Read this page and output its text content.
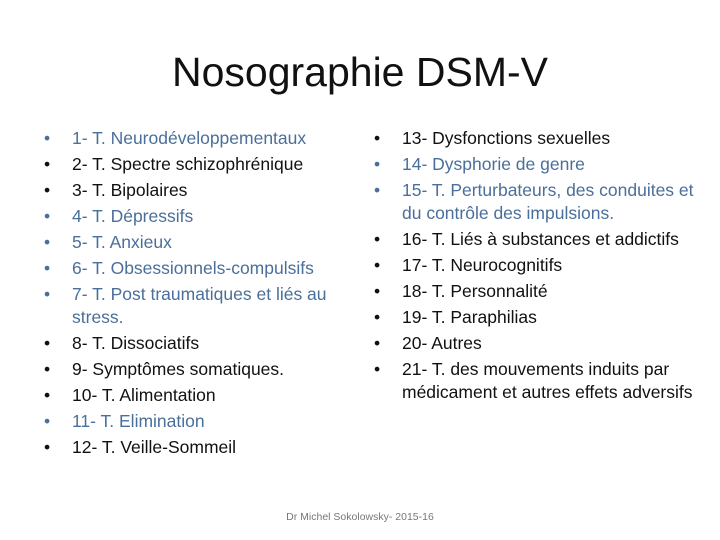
Nosographie DSM-V
•	1- T. Neurodéveloppementaux
•	2- T. Spectre schizophrénique
•	3- T. Bipolaires
•	4- T. Dépressifs
•	5- T. Anxieux
•	6- T. Obsessionnels-compulsifs
•	7- T. Post traumatiques et liés au stress.
•	8- T. Dissociatifs
•	9- Symptômes somatiques.
•	10- T. Alimentation
•	11- T. Elimination
•	12- T. Veille-Sommeil
•	13- Dysfonctions sexuelles
•	14- Dysphorie de genre
•	15- T. Perturbateurs, des conduites et du contrôle des impulsions.
•	16- T. Liés à substances et addictifs
•	17- T. Neurocognitifs
•	18- T. Personnalité
•	19- T. Paraphilias
•	20- Autres
•	21- T. des mouvements induits par médicament et autres effets adversifs
Dr Michel Sokolowsky- 2015-16
